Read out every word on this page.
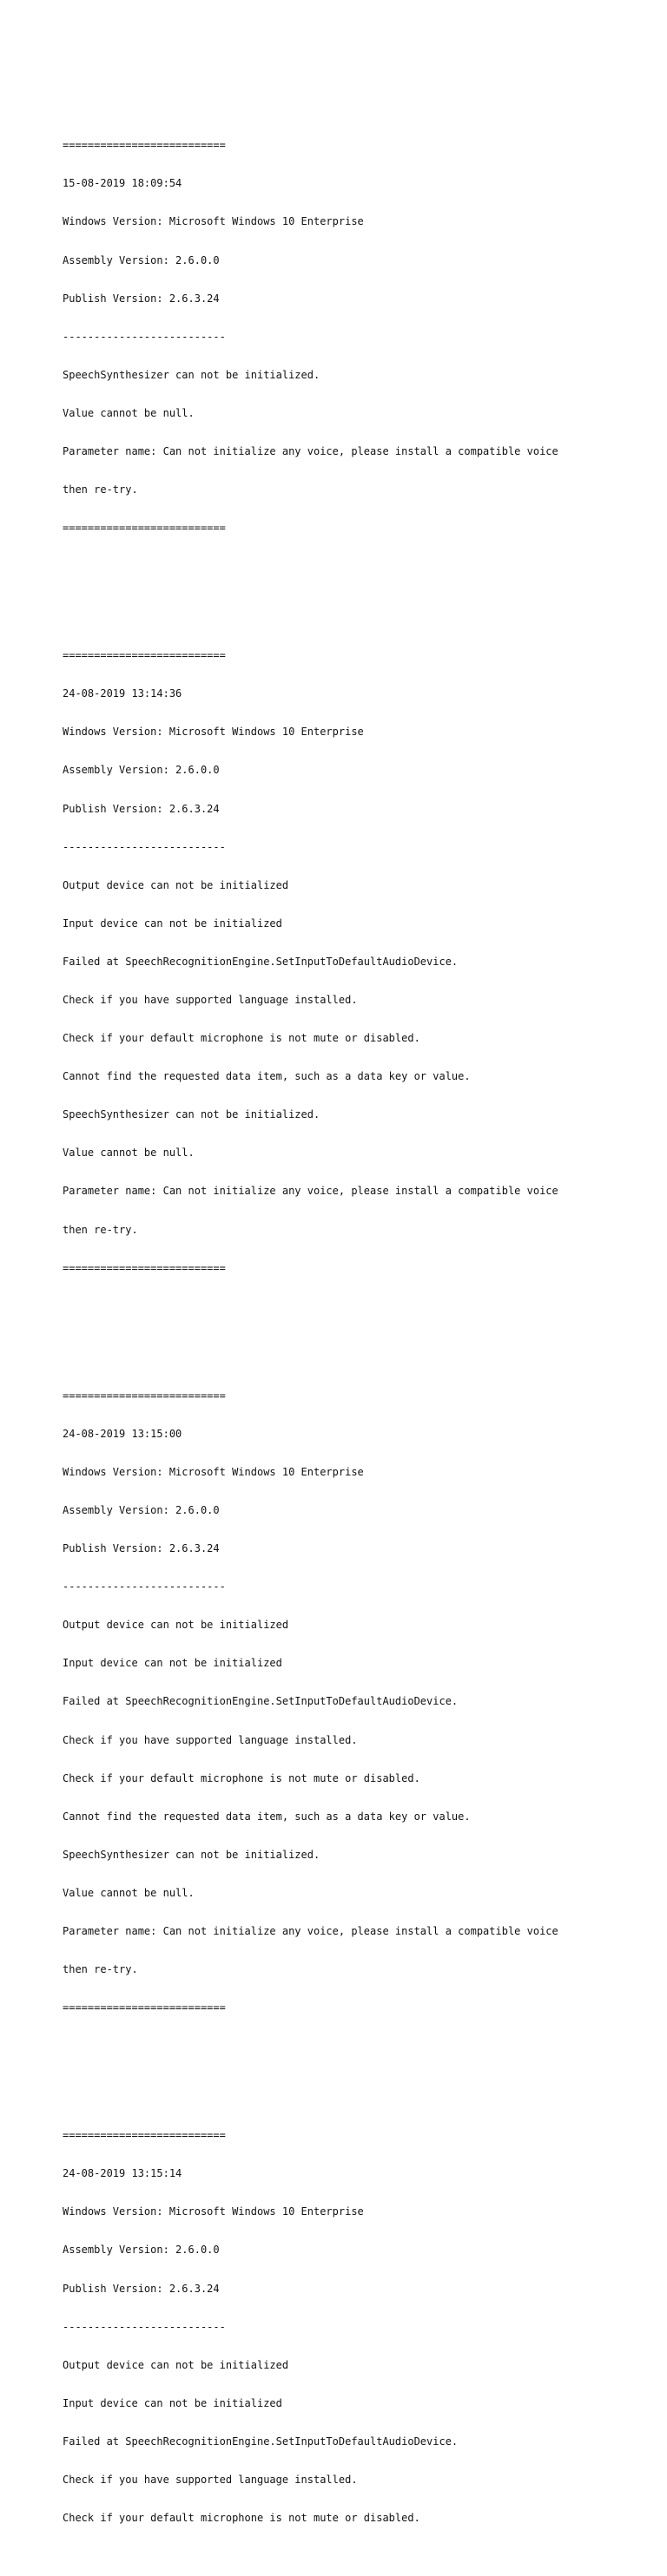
==========================

15-08-2019 18:09:54

Windows Version: Microsoft Windows 10 Enterprise

Assembly Version: 2.6.0.0

Publish Version: 2.6.3.24

--------------------------

SpeechSynthesizer can not be initialized.

Value cannot be null.

Parameter name: Can not initialize any voice, please install a compatible voice

then re-try.

==========================

==========================

24-08-2019 13:14:36

Windows Version: Microsoft Windows 10 Enterprise

Assembly Version: 2.6.0.0

Publish Version: 2.6.3.24

--------------------------

Output device can not be initialized

Input device can not be initialized

Failed at SpeechRecognitionEngine.SetInputToDefaultAudioDevice.

Check if you have supported language installed.

Check if your default microphone is not mute or disabled.

Cannot find the requested data item, such as a data key or value.

SpeechSynthesizer can not be initialized.

Value cannot be null.

Parameter name: Can not initialize any voice, please install a compatible voice

then re-try.

==========================

==========================

24-08-2019 13:15:00

Windows Version: Microsoft Windows 10 Enterprise

Assembly Version: 2.6.0.0

Publish Version: 2.6.3.24

--------------------------

Output device can not be initialized

Input device can not be initialized

Failed at SpeechRecognitionEngine.SetInputToDefaultAudioDevice.

Check if you have supported language installed.

Check if your default microphone is not mute or disabled.

Cannot find the requested data item, such as a data key or value.

SpeechSynthesizer can not be initialized.

Value cannot be null.

Parameter name: Can not initialize any voice, please install a compatible voice

then re-try.

==========================

==========================

24-08-2019 13:15:14

Windows Version: Microsoft Windows 10 Enterprise

Assembly Version: 2.6.0.0

Publish Version: 2.6.3.24

--------------------------

Output device can not be initialized

Input device can not be initialized

Failed at SpeechRecognitionEngine.SetInputToDefaultAudioDevice.

Check if you have supported language installed.

Check if your default microphone is not mute or disabled.
